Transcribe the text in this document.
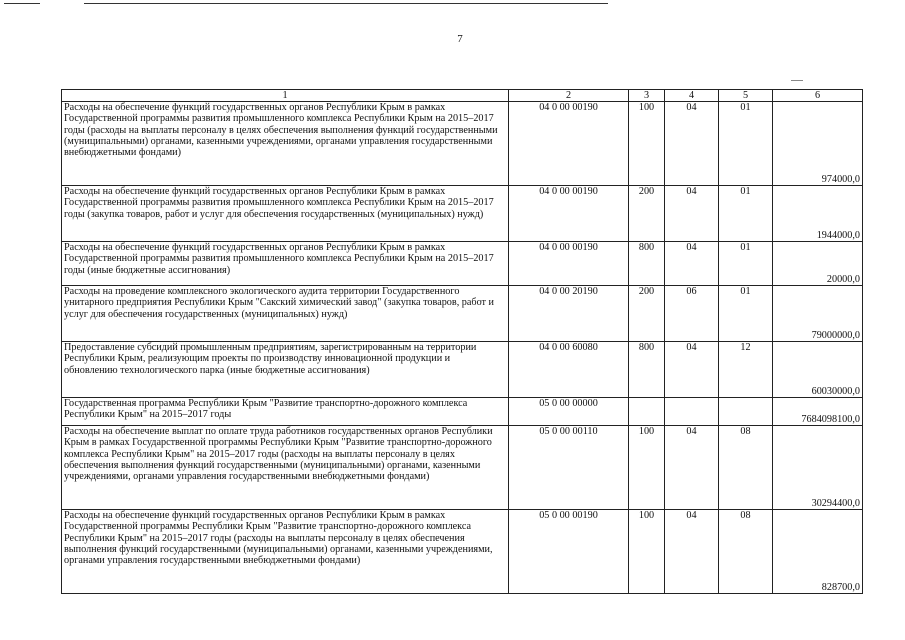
7
1	2	3	4	5	6
Расходы на обеспечение функций государственных органов Республики Крым в рамках Государственной программы развития промышленного комплекса Республики Крым на 2015–2017 годы (расходы на выплаты персоналу в целях обеспечения выполнения функций государственными (муниципальными) органами, казенными учреждениями, органами управления государственными внебюджетными фондами)	04 0 00 00190	100	04	01	974000,0
Расходы на обеспечение функций государственных органов Республики Крым в рамках Государственной программы развития промышленного комплекса Республики Крым на 2015–2017 годы (закупка товаров, работ и услуг для обеспечения государственных (муниципальных) нужд)	04 0 00 00190	200	04	01	1944000,0
Расходы на обеспечение функций государственных органов Республики Крым в рамках Государственной программы развития промышленного комплекса Республики Крым на 2015–2017 годы (иные бюджетные ассигнования)	04 0 00 00190	800	04	01	20000,0
Расходы на проведение комплексного экологического аудита территории Государственного унитарного предприятия Республики Крым "Сакский химический завод" (закупка товаров, работ и услуг для обеспечения государственных (муниципальных) нужд)	04 0 00 20190	200	06	01	79000000,0
Предоставление субсидий промышленным предприятиям, зарегистрированным на территории Республики Крым, реализующим проекты по производству инновационной продукции и обновлению технологического парка (иные бюджетные ассигнования)	04 0 00 60080	800	04	12	60030000,0
Государственная программа Республики Крым "Развитие транспортно-дорожного комплекса Республики Крым" на 2015–2017 годы	05 0 00 00000				7684098100,0
Расходы на обеспечение выплат по оплате труда работников государственных органов Республики Крым в рамках Государственной программы Республики Крым "Развитие транспортно-дорожного комплекса Республики Крым" на 2015–2017 годы (расходы на выплаты персоналу в целях обеспечения выполнения функций государственными (муниципальными) органами, казенными учреждениями, органами управления государственными внебюджетными фондами)	05 0 00 00110	100	04	08	30294400,0
Расходы на обеспечение функций государственных органов Республики Крым в рамках Государственной программы Республики Крым "Развитие транспортно-дорожного комплекса Республики Крым" на 2015–2017 годы (расходы на выплаты персоналу в целях обеспечения выполнения функций государственными (муниципальными) органами, казенными учреждениями, органами управления государственными внебюджетными фондами)	05 0 00 00190	100	04	08	828700,0
